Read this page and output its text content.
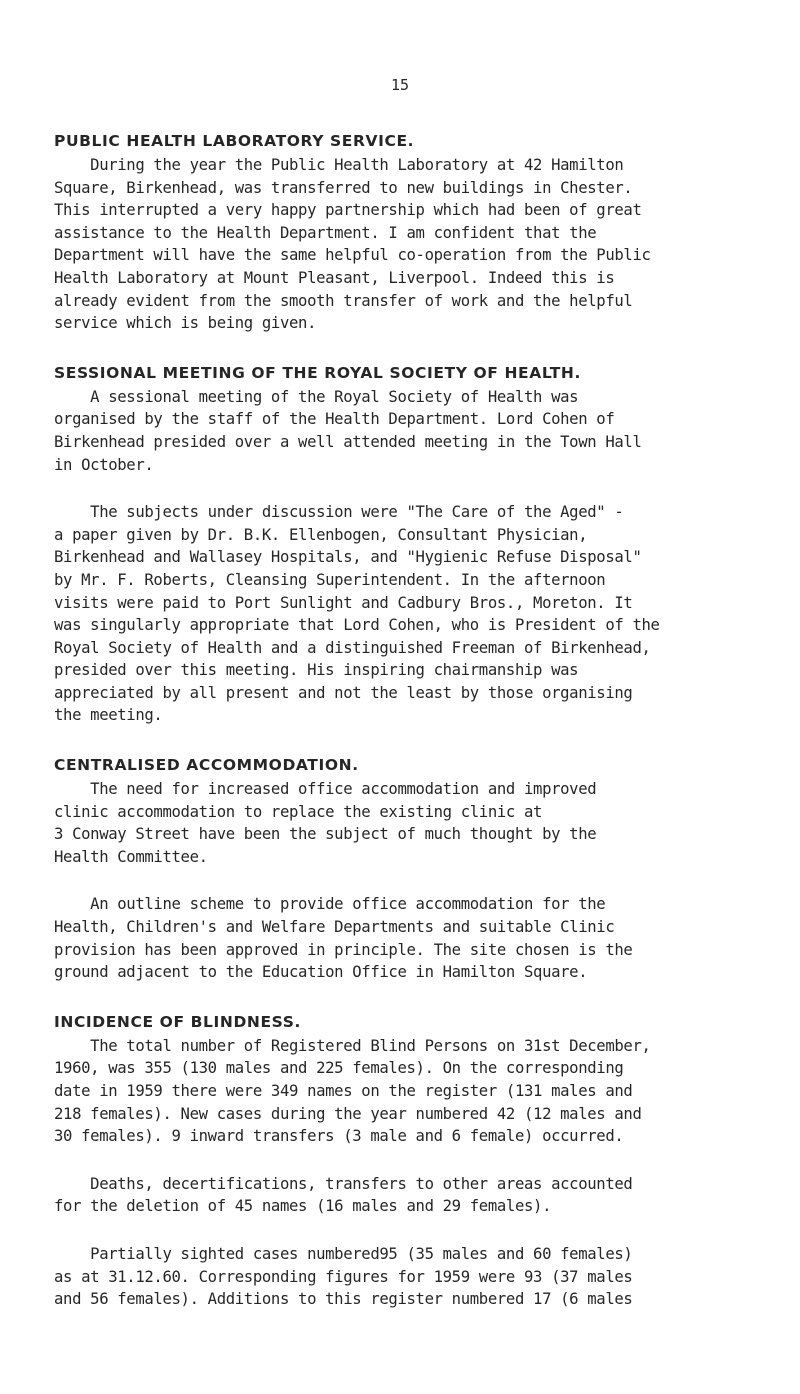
15
PUBLIC HEALTH LABORATORY SERVICE.
During the year the Public Health Laboratory at 42 Hamilton
Square, Birkenhead, was transferred to new buildings in Chester.
This interrupted a very happy partnership which had been of great
assistance to the Health Department. I am confident that the
Department will have the same helpful co-operation from the Public
Health Laboratory at Mount Pleasant, Liverpool. Indeed this is
already evident from the smooth transfer of work and the helpful
service which is being given.
SESSIONAL MEETING OF THE ROYAL SOCIETY OF HEALTH.
A sessional meeting of the Royal Society of Health was
organised by the staff of the Health Department. Lord Cohen of
Birkenhead presided over a well attended meeting in the Town Hall
in October.
The subjects under discussion were "The Care of the Aged" -
a paper given by Dr. B.K. Ellenbogen, Consultant Physician,
Birkenhead and Wallasey Hospitals, and "Hygienic Refuse Disposal"
by Mr. F. Roberts, Cleansing Superintendent. In the afternoon
visits were paid to Port Sunlight and Cadbury Bros., Moreton. It
was singularly appropriate that Lord Cohen, who is President of the
Royal Society of Health and a distinguished Freeman of Birkenhead,
presided over this meeting. His inspiring chairmanship was
appreciated by all present and not the least by those organising
the meeting.
CENTRALISED ACCOMMODATION.
The need for increased office accommodation and improved
clinic accommodation to replace the existing clinic at
3 Conway Street have been the subject of much thought by the
Health Committee.
An outline scheme to provide office accommodation for the
Health, Children's and Welfare Departments and suitable Clinic
provision has been approved in principle. The site chosen is the
ground adjacent to the Education Office in Hamilton Square.
INCIDENCE OF BLINDNESS.
The total number of Registered Blind Persons on 31st December,
1960, was 355 (130 males and 225 females). On the corresponding
date in 1959 there were 349 names on the register (131 males and
218 females). New cases during the year numbered 42 (12 males and
30 females). 9 inward transfers (3 male and 6 female) occurred.
Deaths, decertifications, transfers to other areas accounted
for the deletion of 45 names (16 males and 29 females).
Partially sighted cases numbered95 (35 males and 60 females)
as at 31.12.60. Corresponding figures for 1959 were 93 (37 males
and 56 females). Additions to this register numbered 17 (6 males
